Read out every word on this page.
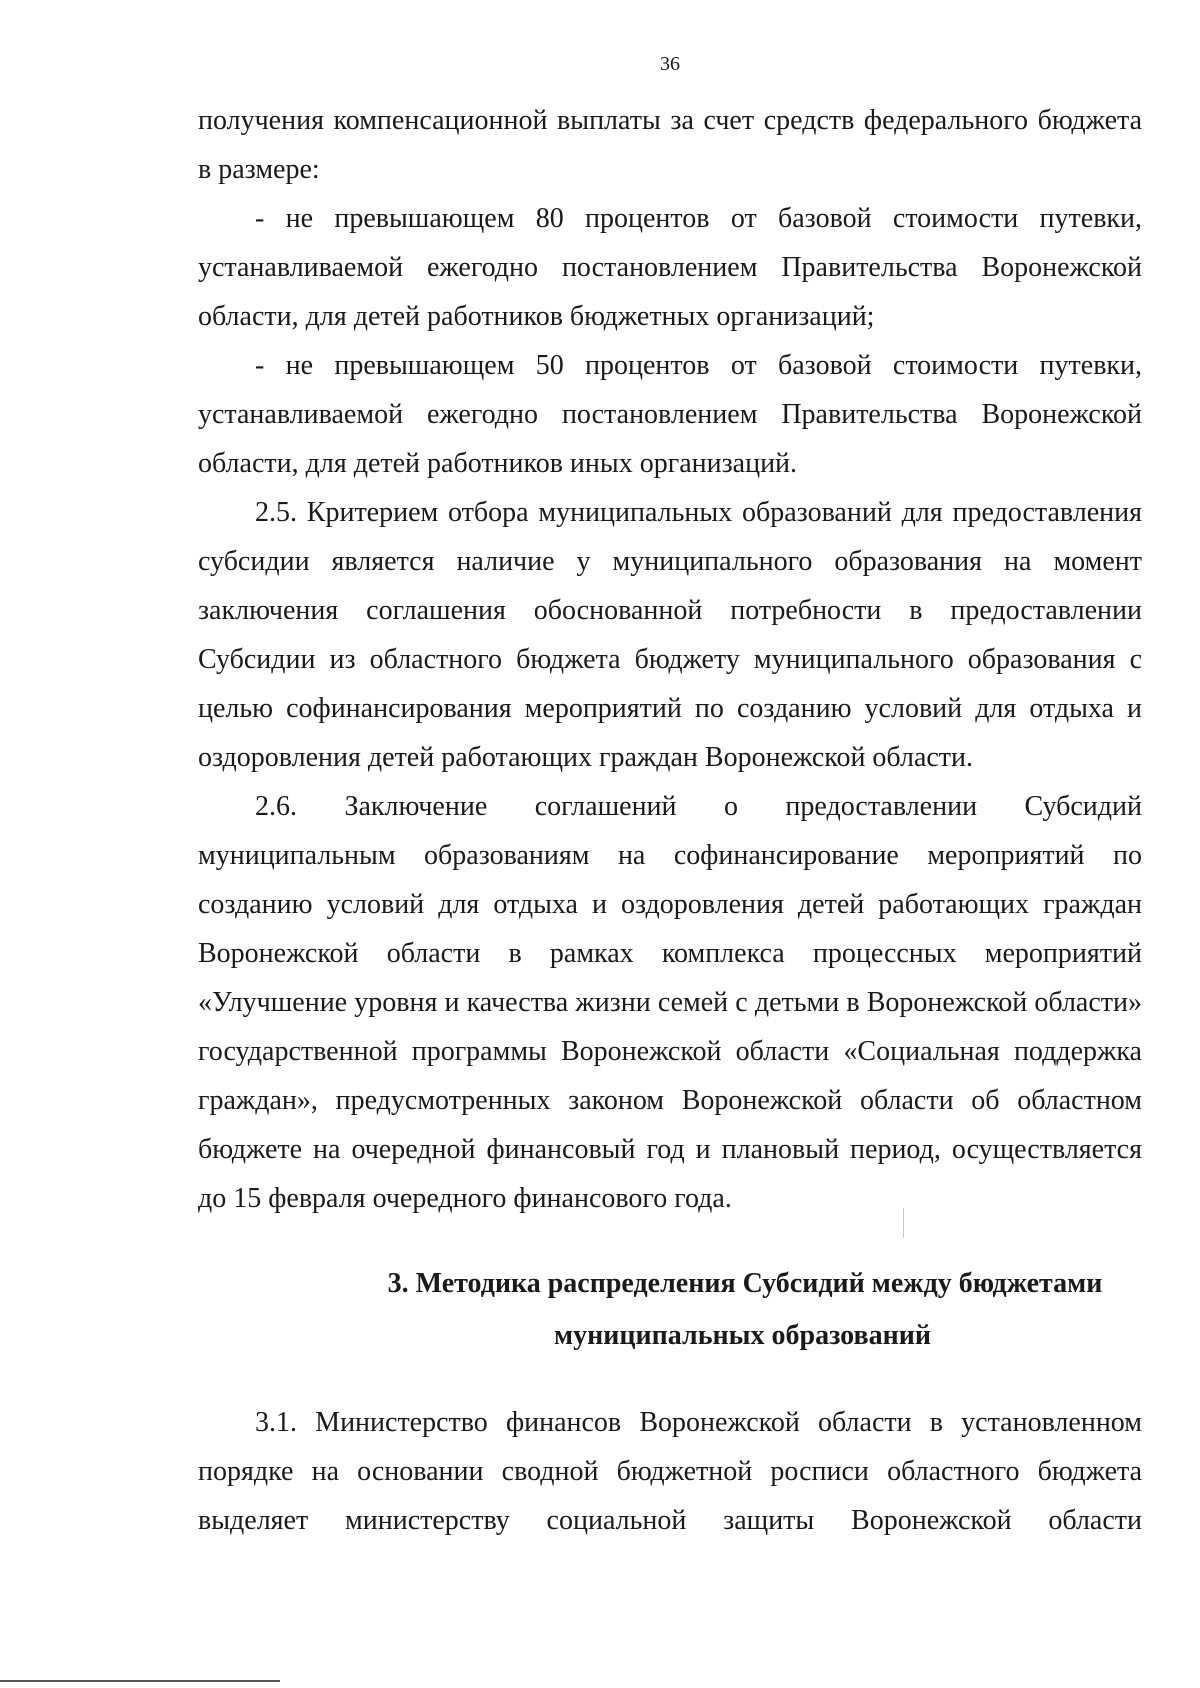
36

получения компенсационной выплаты за счет средств федерального бюджета в размере:

- не превышающем 80 процентов от базовой стоимости путевки, устанавливаемой ежегодно постановлением Правительства Воронежской области, для детей работников бюджетных организаций;

- не превышающем 50 процентов от базовой стоимости путевки, устанавливаемой ежегодно постановлением Правительства Воронежской области, для детей работников иных организаций.

2.5. Критерием отбора муниципальных образований для предоставления субсидии является наличие у муниципального образования на момент заключения соглашения обоснованной потребности в предоставлении Субсидии из областного бюджета бюджету муниципального образования с целью софинансирования мероприятий по созданию условий для отдыха и оздоровления детей работающих граждан Воронежской области.

2.6. Заключение соглашений о предоставлении Субсидий муниципальным образованиям на софинансирование мероприятий по созданию условий для отдыха и оздоровления детей работающих граждан Воронежской области в рамках комплекса процессных мероприятий «Улучшение уровня и качества жизни семей с детьми в Воронежской области» государственной программы Воронежской области «Социальная поддержка граждан», предусмотренных законом Воронежской области об областном бюджете на очередной финансовый год и плановый период, осуществляется до 15 февраля очередного финансового года.

3. Методика распределения Субсидий между бюджетами
муниципальных образований

3.1. Министерство финансов Воронежской области в установленном порядке на основании сводной бюджетной росписи областного бюджета выделяет министерству социальной защиты Воронежской области
